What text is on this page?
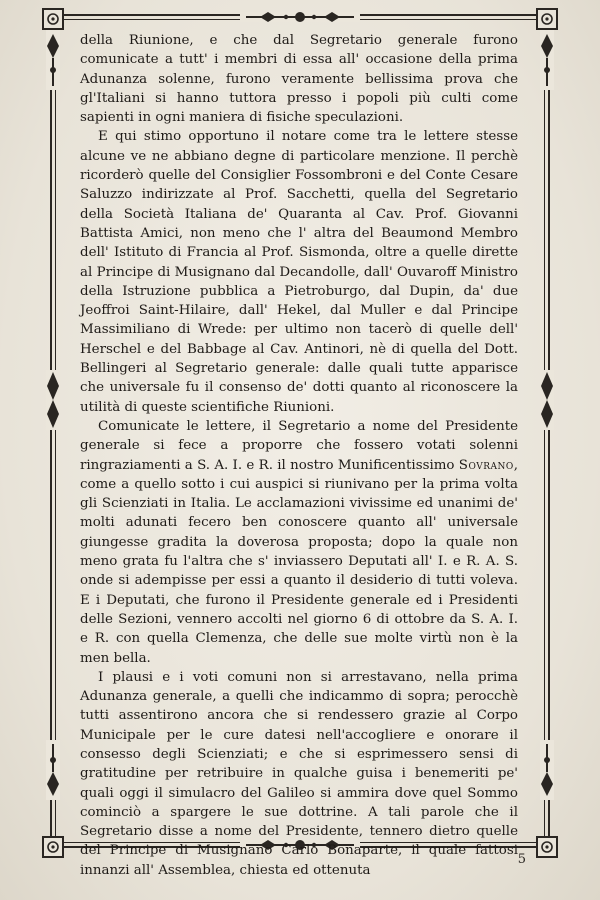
della Riunione, e che dal Segretario generale furono comunicate a tutt' i membri di essa all' occasione della prima Adunanza solenne, furono veramente bellissima prova che gl'Italiani si hanno tuttora presso i popoli più culti come sapienti in ogni maniera di fisiche speculazioni.

E qui stimo opportuno il notare come tra le lettere stesse alcune ve ne abbiano degne di particolare menzione. Il perchè ricorderò quelle del Consiglier Fossombroni e del Conte Cesare Saluzzo indirizzate al Prof. Sacchetti, quella del Segretario della Società Italiana de' Quaranta al Cav. Prof. Giovanni Battista Amici, non meno che l' altra del Beaumond Membro dell' Istituto di Francia al Prof. Sismonda, oltre a quelle dirette al Principe di Musignano dal Decandolle, dall' Ouvaroff Ministro della Istruzione pubblica a Pietroburgo, dal Dupin, da' due Jeoffroi Saint-Hilaire, dall' Hekel, dal Muller e dal Principe Massimiliano di Wrede: per ultimo non tacerò di quelle dell' Herschel e del Babbage al Cav. Antinori, nè di quella del Dott. Bellingeri al Segretario generale: dalle quali tutte apparisce che universale fu il consenso de' dotti quanto al riconoscere la utilità di queste scientifiche Riunioni.

Comunicate le lettere, il Segretario a nome del Presidente generale si fece a proporre che fossero votati solenni ringraziamenti a S. A. I. e R. il nostro Munificentissimo Sovrano, come a quello sotto i cui auspici si riunivano per la prima volta gli Scienziati in Italia. Le acclamazioni vivissime ed unanimi de' molti adunati fecero ben conoscere quanto all' universale giungesse gradita la doverosa proposta; dopo la quale non meno grata fu l'altra che s' inviassero Deputati all' I. e R. A. S. onde si adempisse per essi a quanto il desiderio di tutti voleva. E i Deputati, che furono il Presidente generale ed i Presidenti delle Sezioni, vennero accolti nel giorno 6 di ottobre da S. A. I. e R. con quella Clemenza, che delle sue molte virtù non è la men bella.

I plausi e i voti comuni non si arrestavano, nella prima Adunanza generale, a quelli che indicammo di sopra; perocchè tutti assentirono ancora che si rendessero grazie al Corpo Municipale per le cure datesi nell'accogliere e onorare il consesso degli Scienziati; e che si esprimessero sensi di gratitudine per retribuire in qualche guisa i benemeriti pe' quali oggi il simulacro del Galileo si ammira dove quel Sommo cominciò a spargere le sue dottrine. A tali parole che il Segretario disse a nome del Presidente, tennero dietro quelle del Principe di Musignano Carlo Bonaparte, il quale fattosi innanzi all' Assemblea, chiesta ed ottenuta

5
